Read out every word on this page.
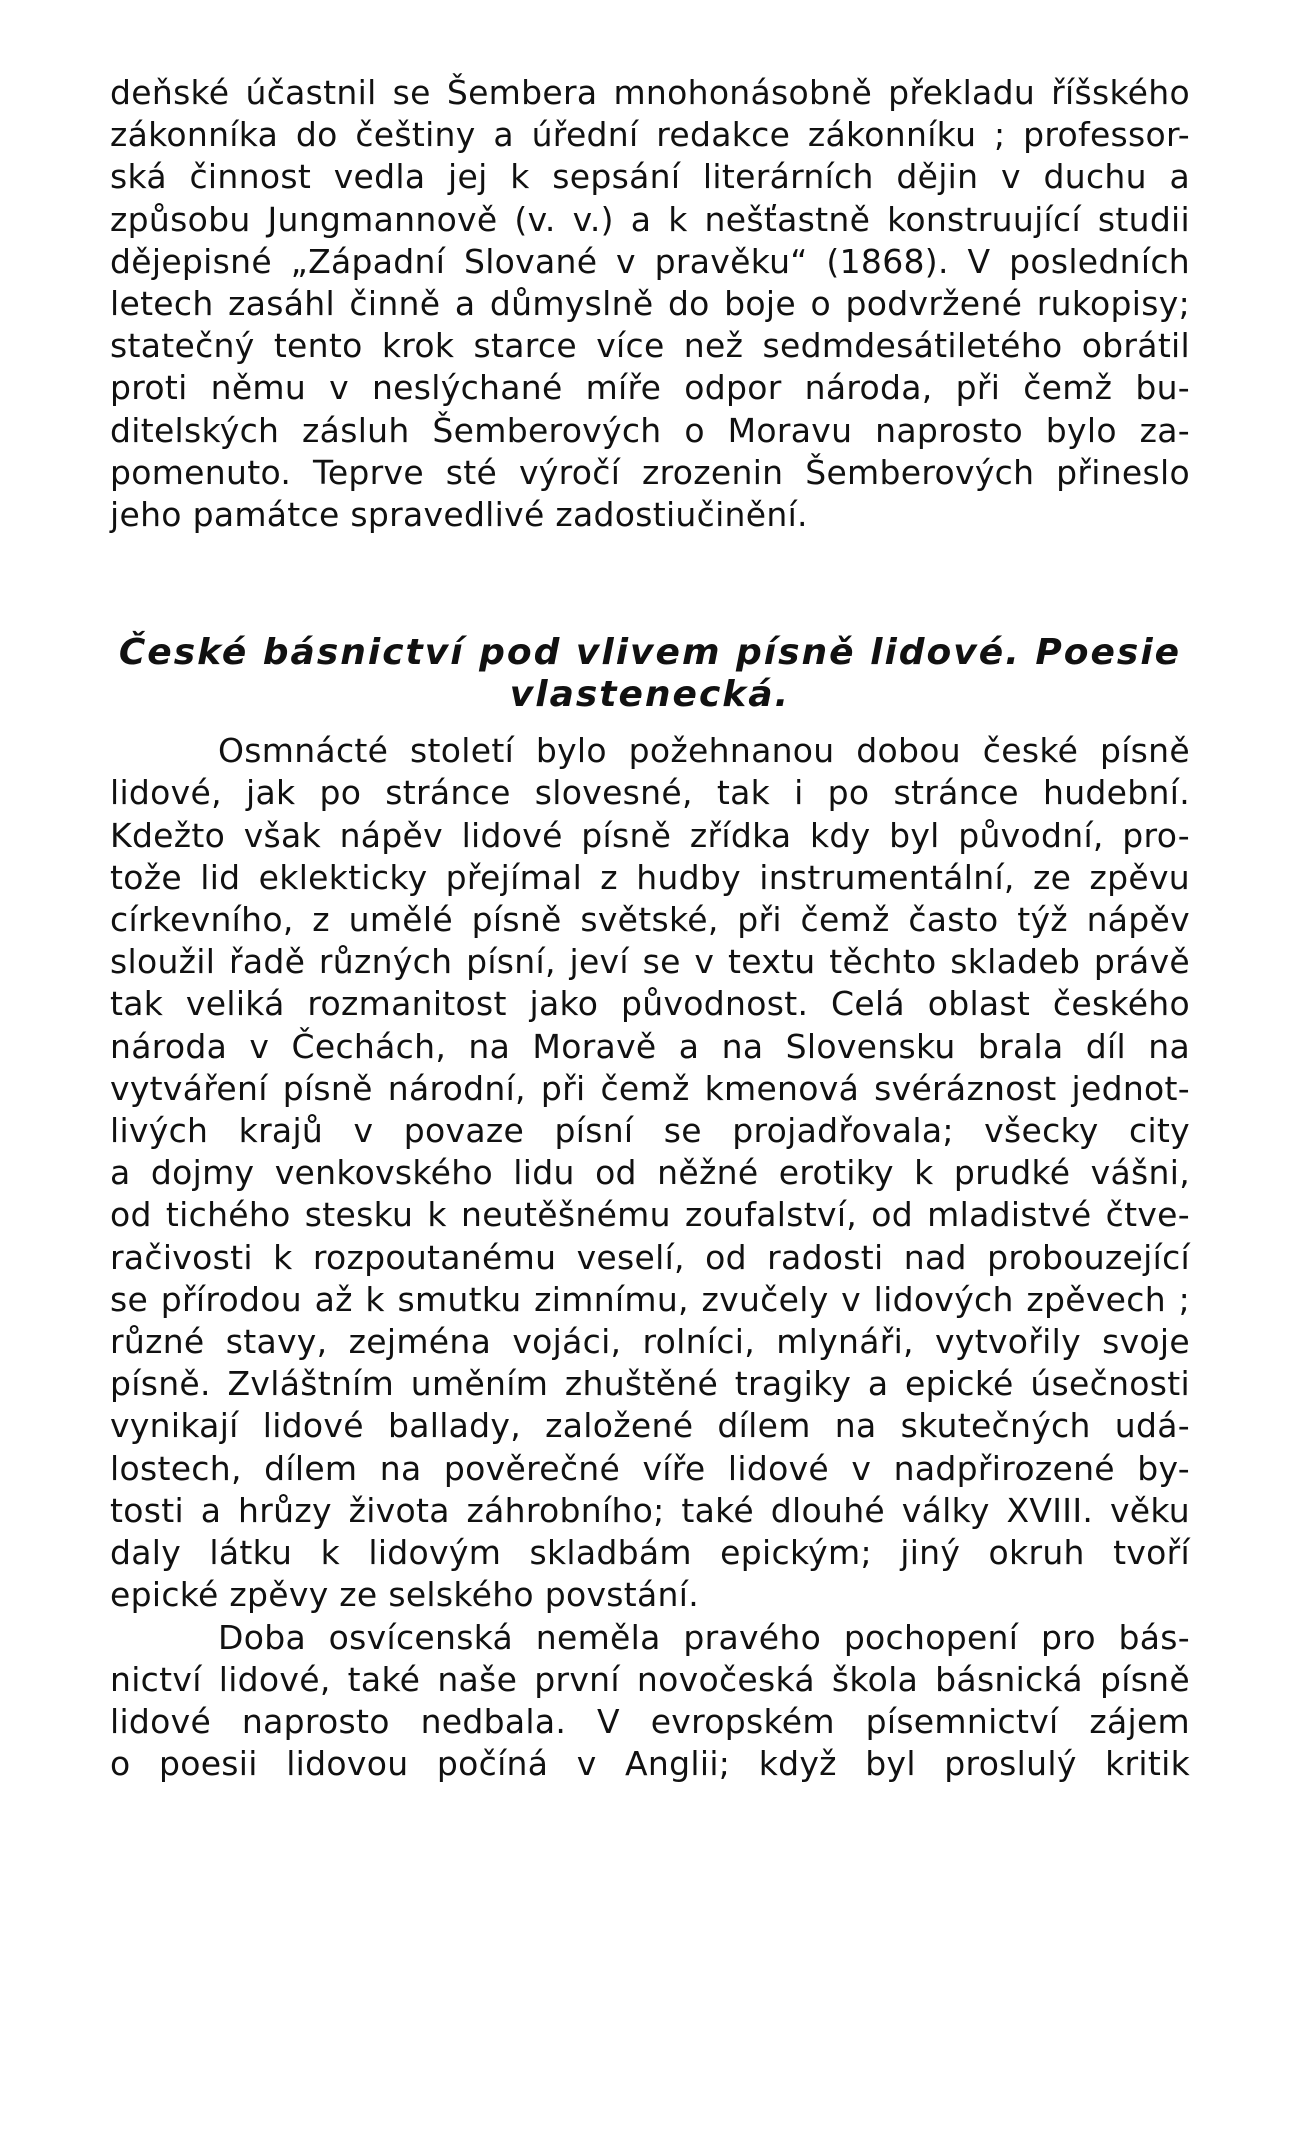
deňské účastnil se Šembera mnohonásobně překladu říšského
zákonníka do češtiny a úřední redakce zákonníku ; professor-
ská činnost vedla jej k sepsání literárních dějin v duchu a
způsobu Jungmannově (v. v.) a k nešťastně konstruující studii
dějepisné „Západní Slované v pravěku“ (1868). V posledních
letech zasáhl činně a důmyslně do boje o podvržené rukopisy;
statečný tento krok starce více než sedmdesátiletého obrátil
proti němu v neslýchané míře odpor národa, při čemž bu-
ditelských zásluh Šemberových o Moravu naprosto bylo za-
pomenuto. Teprve sté výročí zrozenin Šemberových přineslo
jeho památce spravedlivé zadostiučinění.
České básnictví pod vlivem písně lidové. Poesie
vlastenecká.
Osmnácté století bylo požehnanou dobou české písně
lidové, jak po stránce slovesné, tak i po stránce hudební.
Kdežto však nápěv lidové písně zřídka kdy byl původní, pro-
tože lid eklekticky přejímal z hudby instrumentální, ze zpěvu
církevního, z umělé písně světské, při čemž často týž nápěv
sloužil řadě různých písní, jeví se v textu těchto skladeb právě
tak veliká rozmanitost jako původnost. Celá oblast českého
národa v Čechách, na Moravě a na Slovensku brala díl na
vytváření písně národní, při čemž kmenová svéráznost jednot-
livých krajů v povaze písní se projadřovala; všecky city
a dojmy venkovského lidu od něžné erotiky k prudké vášni,
od tichého stesku k neutěšnému zoufalství, od mladistvé čtve-
račivosti k rozpoutanému veselí, od radosti nad probouzející
se přírodou až k smutku zimnímu, zvučely v lidových zpěvech ;
různé stavy, zejména vojáci, rolníci, mlynáři, vytvořily svoje
písně. Zvláštním uměním zhuštěné tragiky a epické úsečnosti
vynikají lidové ballady, založené dílem na skutečných udá-
lostech, dílem na pověrečné víře lidové v nadpřirozené by-
tosti a hrůzy života záhrobního; také dlouhé války XVIII. věku
daly látku k lidovým skladbám epickým; jiný okruh tvoří
epické zpěvy ze selského povstání.
Doba osvícenská neměla pravého pochopení pro bás-
nictví lidové, také naše první novočeská škola básnická písně
lidové naprosto nedbala. V evropském písemnictví zájem
o poesii lidovou počíná v Anglii; když byl proslulý kritik
